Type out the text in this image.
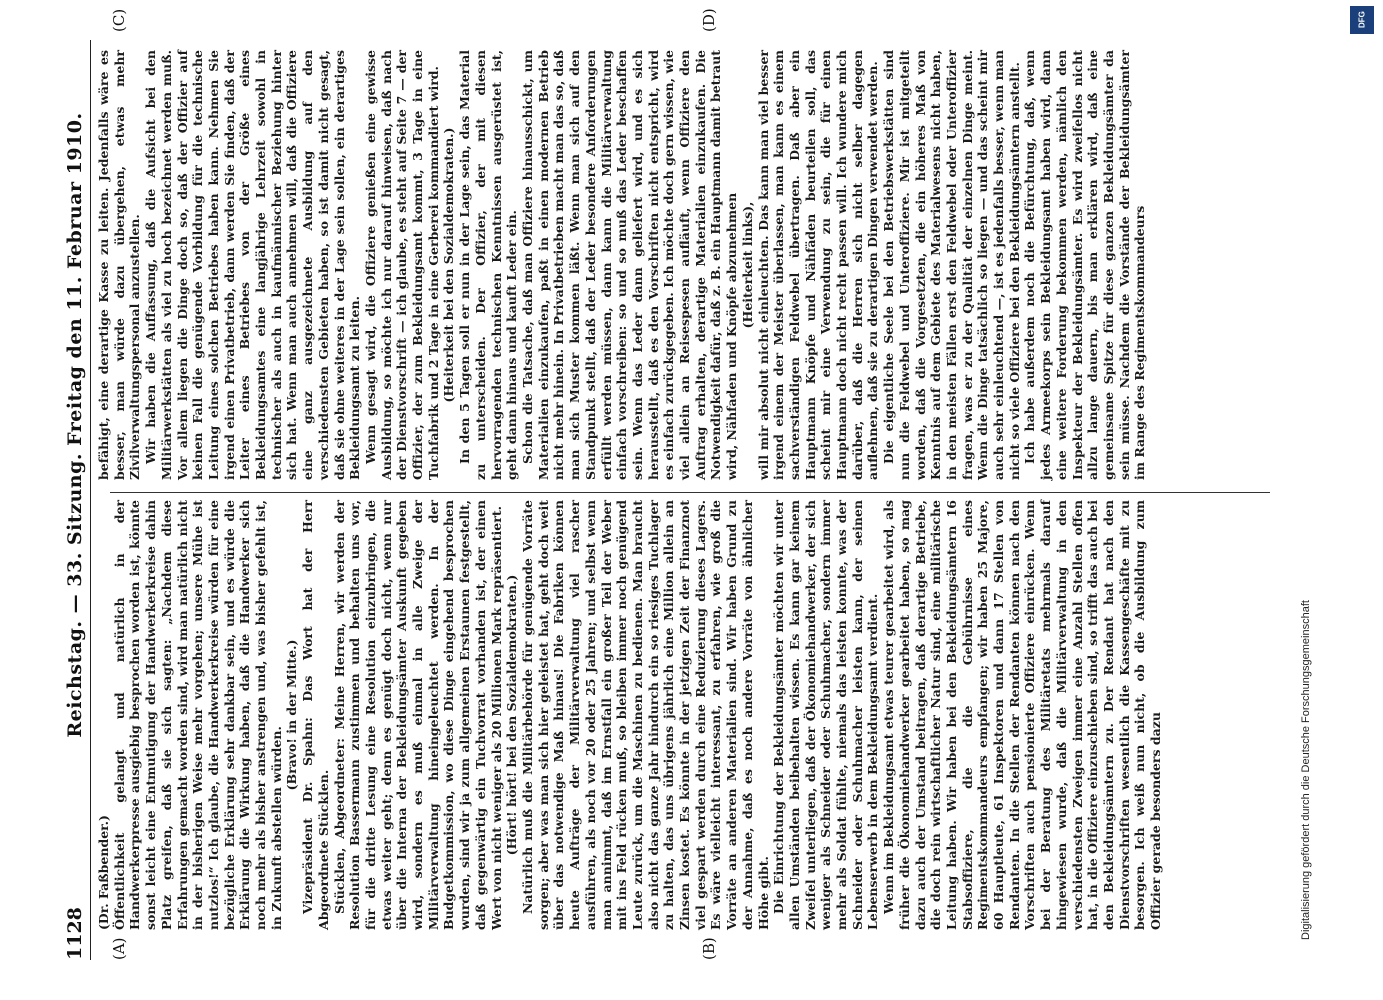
1128
Reichstag. — 33. Sitzung. Freitag den 11. Februar 1910.
(A)	(B)
(C)	(D)

(Dr. Faßbender.) Öffentlichkeit gelangt und natürlich in der Handwerkerpresse ausgiebig besprochen worden ist, könnte sonst leicht eine Entmutigung der Handwerkerkreise dahin Platz greifen, daß sie sich sagten: „Nachdem diese Erfahrungen gemacht worden sind, wird man natürlich nicht in der bisherigen Weise mehr vorgehen; unsere Mühe ist nutzlos!“ Ich glaube, die Handwerkerkreise würden für eine bezügliche Erklärung sehr dankbar sein, und es würde die Erklärung die Wirkung haben, daß die Handwerker sich noch mehr als bisher anstrengen und, was bisher gefehlt ist, in Zukunft abstellen würden.

(Bravo! in der Mitte.) Vizepräsident Dr. Spahn: Das Wort hat der Herr Abgeordnete Stücklen. Stücklen, Abgeordneter: Meine Herren, wir werden der Resolution Bassermann zustimmen und behalten uns vor, für die dritte Lesung eine Resolution einzubringen, die etwas weiter geht; denn es genügt doch nicht, wenn nur über die Interna der Bekleidungsämter Auskunft gegeben wird, sondern es muß einmal in alle Zweige der Militärverwaltung hineingeleuchtet werden. In der Budgetkommission, wo diese Dinge eingehend besprochen wurden, sind wir ja zum allgemeinen Erstaunen festgestellt, daß gegenwärtig ein Tuchvorrat vorhanden ist, der einen Wert von nicht weniger als 20 Millionen Mark repräsentiert. (Hört! hört! bei den Sozialdemokraten.) Natürlich muß die Militärbehörde für genügende Vorräte sorgen; aber was man sich hier geleistet hat, geht doch weit über das notwendige Maß hinaus! Die Fabriken können heute Aufträge der Militärverwaltung viel rascher ausführen, als noch vor 20 oder 25 Jahren; und selbst wenn man annimmt, daß im Ernstfall ein großer Teil der Weber mit ins Feld rücken muß, so bleiben immer noch genügend Leute zurück, um die Maschinen zu bedienen. Man braucht also nicht das ganze Jahr hindurch ein so riesiges Tuchlager zu halten, das uns übrigens jährlich eine Million allein an Zinsen kostet. Es könnte in der jetzigen Zeit der Finanznot viel gespart werden durch eine Reduzierung dieses Lagers. Es wäre vielleicht interessant, zu erfahren, wie groß die Vorräte an anderen Materialien sind. Wir haben Grund zu der Annahme, daß es noch andere Vorräte von ähnlicher Höhe gibt. Die Einrichtung der Bekleidungsämter möchten wir unter allen Umständen beibehalten wissen. Es kann gar keinem Zweifel unterliegen, daß der Ökonomiehandwerker, der sich weniger als Schneider oder Schuhmacher, sondern immer mehr als Soldat fühlte, niemals das leisten konnte, was der Schneider oder Schuhmacher leisten kann, der seinen Lebenserwerb in dem Bekleidungsamt verdient. Wenn im Bekleidungsamt etwas teurer gearbeitet wird, als früher die Ökonomiehandwerker gearbeitet haben, so mag dazu auch der Umstand beitragen, daß derartige Betriebe, die doch rein wirtschaftlicher Natur sind, eine militärische Leitung haben. Wir haben bei den Bekleidungsämtern 16 Stabsoffiziere, die die Gebührnisse eines Regimentskommandeurs empfangen; wir haben 25 Majore, 60 Hauptleute, 61 Inspektoren und dann 17 Stellen von Rendanten. In die Stellen der Rendanten können nach den Vorschriften auch pensionierte Offiziere einrücken. Wenn bei der Beratung des Militäretats mehrmals darauf hingewiesen wurde, daß die Militärverwaltung in den verschiedensten Zweigen immer eine Anzahl Stellen offen hat, in die Offiziere einzuschieben sind, so trifft das auch bei den Bekleidungsämtern zu. Der Rendant hat nach den Dienstvorschriften wesentlich die Kassengeschäfte mit zu besorgen. Ich weiß nun nicht, ob die Ausbildung zum Offizier gerade besonders dazu

befähigt, eine derartige Kasse zu leiten. Jedenfalls wäre es besser, man würde dazu übergehen, etwas mehr Zivilverwaltungspersonal anzustellen. Wir haben die Auffassung, daß die Aufsicht bei den Militärwerkstätten als viel zu hoch bezeichnet werden muß. Vor allem liegen die Dinge doch so, daß der Offizier auf keinen Fall die genügende Vorbildung für die technische Leitung eines solchen Betriebes haben kann. Nehmen Sie irgend einen Privatbetrieb, dann werden Sie finden, daß der Leiter eines Betriebes von der Größe eines Bekleidungsamtes eine langjährige Lehrzeit sowohl in technischer als auch in kaufmännischer Beziehung hinter sich hat. Wenn man auch annehmen will, daß die Offiziere eine ganz ausgezeichnete Ausbildung auf den verschiedensten Gebieten haben, so ist damit nicht gesagt, daß sie ohne weiteres in der Lage sein sollen, ein derartiges Bekleidungsamt zu leiten. Wenn gesagt wird, die Offiziere genießen eine gewisse Ausbildung, so möchte ich nur darauf hinweisen, daß nach der Dienstvorschrift — ich glaube, es steht auf Seite 7 — der Offizier, der zum Bekleidungsamt kommt, 3 Tage in eine Tuchfabrik und 2 Tage in eine Gerberei kommandiert wird. (Heiterkeit bei den Sozialdemokraten.) In den 5 Tagen soll er nun in der Lage sein, das Material zu unterscheiden. Der Offizier, der mit diesen hervorragenden technischen Kenntnissen ausgerüstet ist, geht dann hinaus und kauft Leder ein. Schon die Tatsache, daß man Offiziere hinausschickt, um Materialien einzukaufen, paßt in einen modernen Betrieb nicht mehr hinein. In Privatbetrieben macht man das so, daß man sich Muster kommen läßt. Wenn man sich auf den Standpunkt stellt, daß der Leder besondere Anforderungen erfüllt werden müssen, dann kann die Militärverwaltung einfach vorschreiben: so und so muß das Leder beschaffen sein. Wenn das Leder dann geliefert wird, und es sich herausstellt, daß es den Vorschriften nicht entspricht, wird es einfach zurückgegeben. Ich möchte doch gern wissen, wie viel allein an Reisespesen aufläuft, wenn Offiziere den Auftrag erhalten, derartige Materialien einzukaufen. Die Notwendigkeit dafür, daß z. B. ein Hauptmann damit betraut wird, Nähfaden und Knöpfe abzunehmen (Heiterkeit links), will mir absolut nicht einleuchten. Das kann man viel besser irgend einem der Meister überlassen, man kann es einem sachverständigen Feldwebel übertragen. Daß aber ein Hauptmann Knöpfe und Nähfäden beurteilen soll, das scheint mir eine Verwendung zu sein, die für einen Hauptmann doch nicht recht passen will. Ich wundere mich darüber, daß die Herren sich nicht selber dagegen auflehnen, daß sie zu derartigen Dingen verwendet werden. Die eigentliche Seele bei den Betriebswerkstätten sind nun die Feldwebel und Unteroffiziere. Mir ist mitgeteilt worden, daß die Vorgesetzten, die ein höheres Maß von Kenntnis auf dem Gebiete des Materialwesens nicht haben, in den meisten Fällen erst den Feldwebel oder Unteroffizier fragen, was er zu der Qualität der einzelnen Dinge meint. Wenn die Dinge tatsächlich so liegen — und das scheint mir auch sehr einleuchtend —, ist es jedenfalls besser, wenn man nicht so viele Offiziere bei den Bekleidungsämtern anstellt. Ich habe außerdem noch die Befürchtung, daß, wenn jedes Armeekorps sein Bekleidungsamt haben wird, dann eine weitere Forderung bekommen werden, nämlich den Inspekteur der Bekleidungsämter. Es wird zweifellos nicht allzu lange dauern, bis man erklären wird, daß eine gemeinsame Spitze für diese ganzen Bekleidungsämter da sein müsse. Nachdem die Vorstände der Bekleidungsämter im Range des Regimentskommandeurs

Digitalisierung gefördert durch die Deutsche Forschungsgemeinschaft
DFG
